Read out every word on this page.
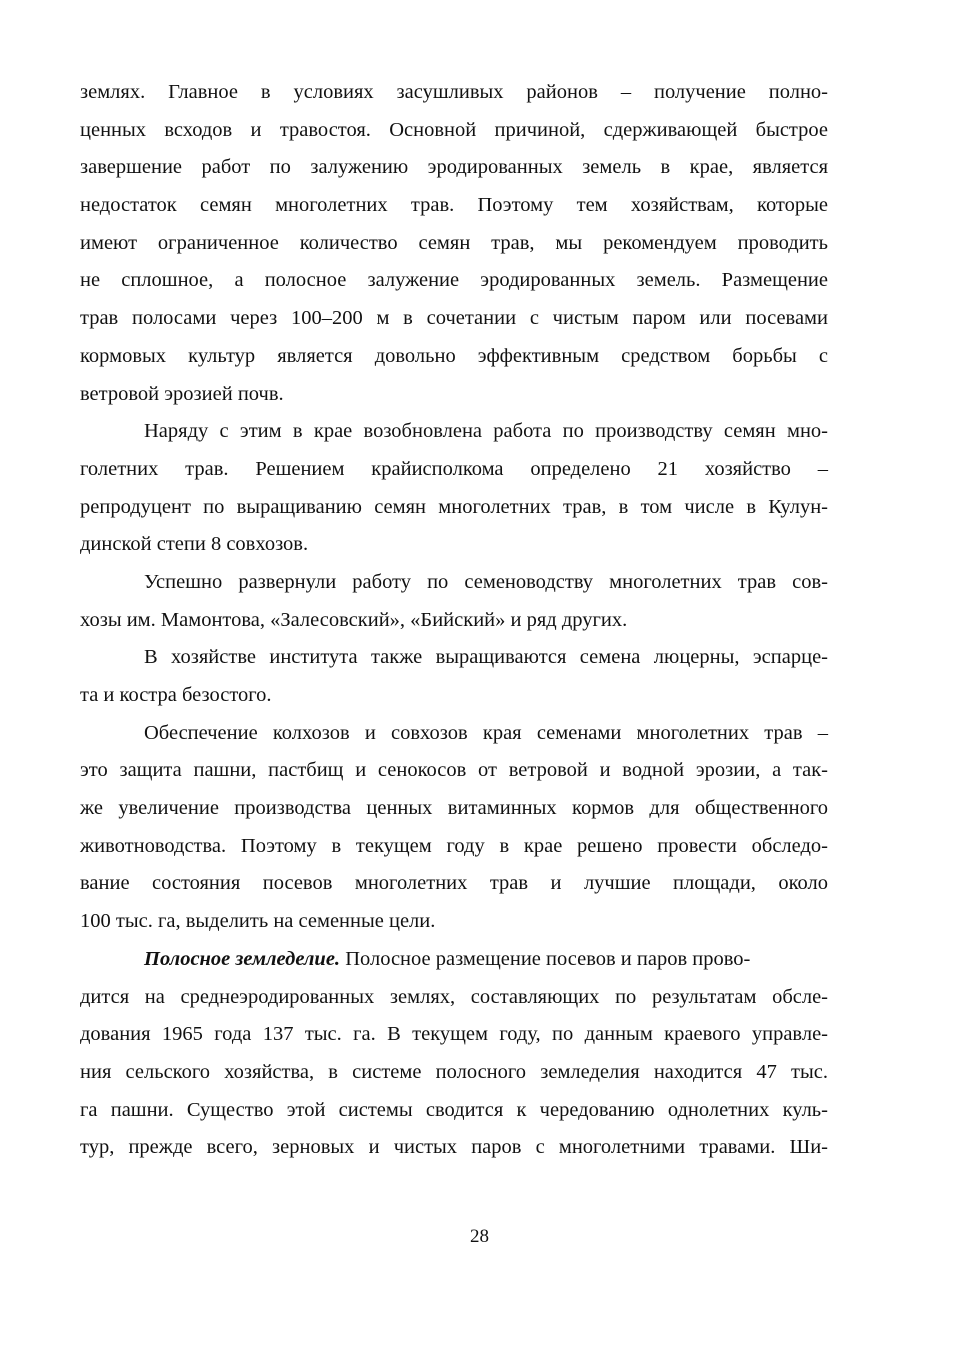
землях. Главное в условиях засушливых районов – получение полно-
ценных всходов и травостоя. Основной причиной, сдерживающей быстрое
завершение работ по залужению эродированных земель в крае, является
недостаток семян многолетних трав. Поэтому тем хозяйствам, которые
имеют ограниченное количество семян трав, мы рекомендуем проводить
не сплошное, а полосное залужение эродированных земель. Размещение
трав полосами через 100–200 м в сочетании с чистым паром или посевами
кормовых культур является довольно эффективным средством борьбы с
ветровой эрозией почв.
Наряду с этим в крае возобновлена работа по производству семян мно-
голетних трав. Решением крайисполкома определено 21 хозяйство –
репродуцент по выращиванию семян многолетних трав, в том числе в Кулун-
динской степи 8 совхозов.
Успешно развернули работу по семеноводству многолетних трав сов-
хозы им. Мамонтова, «Залесовский», «Бийский» и ряд других.
В хозяйстве института также выращиваются семена люцерны, эспарце-
та и костра безостого.
Обеспечение колхозов и совхозов края семенами многолетних трав –
это защита пашни, пастбищ и сенокосов от ветровой и водной эрозии, а так-
же увеличение производства ценных витаминных кормов для общественного
животноводства. Поэтому в текущем году в крае решено провести обследо-
вание состояния посевов многолетних трав и лучшие площади, около
100 тыс. га, выделить на семенные цели.
Полосное земледелие. Полосное размещение посевов и паров прово-
дится на среднеэродированных землях, составляющих по результатам обсле-
дования 1965 года 137 тыс. га. В текущем году, по данным краевого управле-
ния сельского хозяйства, в системе полосного земледелия находится 47 тыс.
га пашни. Существо этой системы сводится к чередованию однолетних куль-
тур, прежде всего, зерновых и чистых паров с многолетними травами. Ши-
28
